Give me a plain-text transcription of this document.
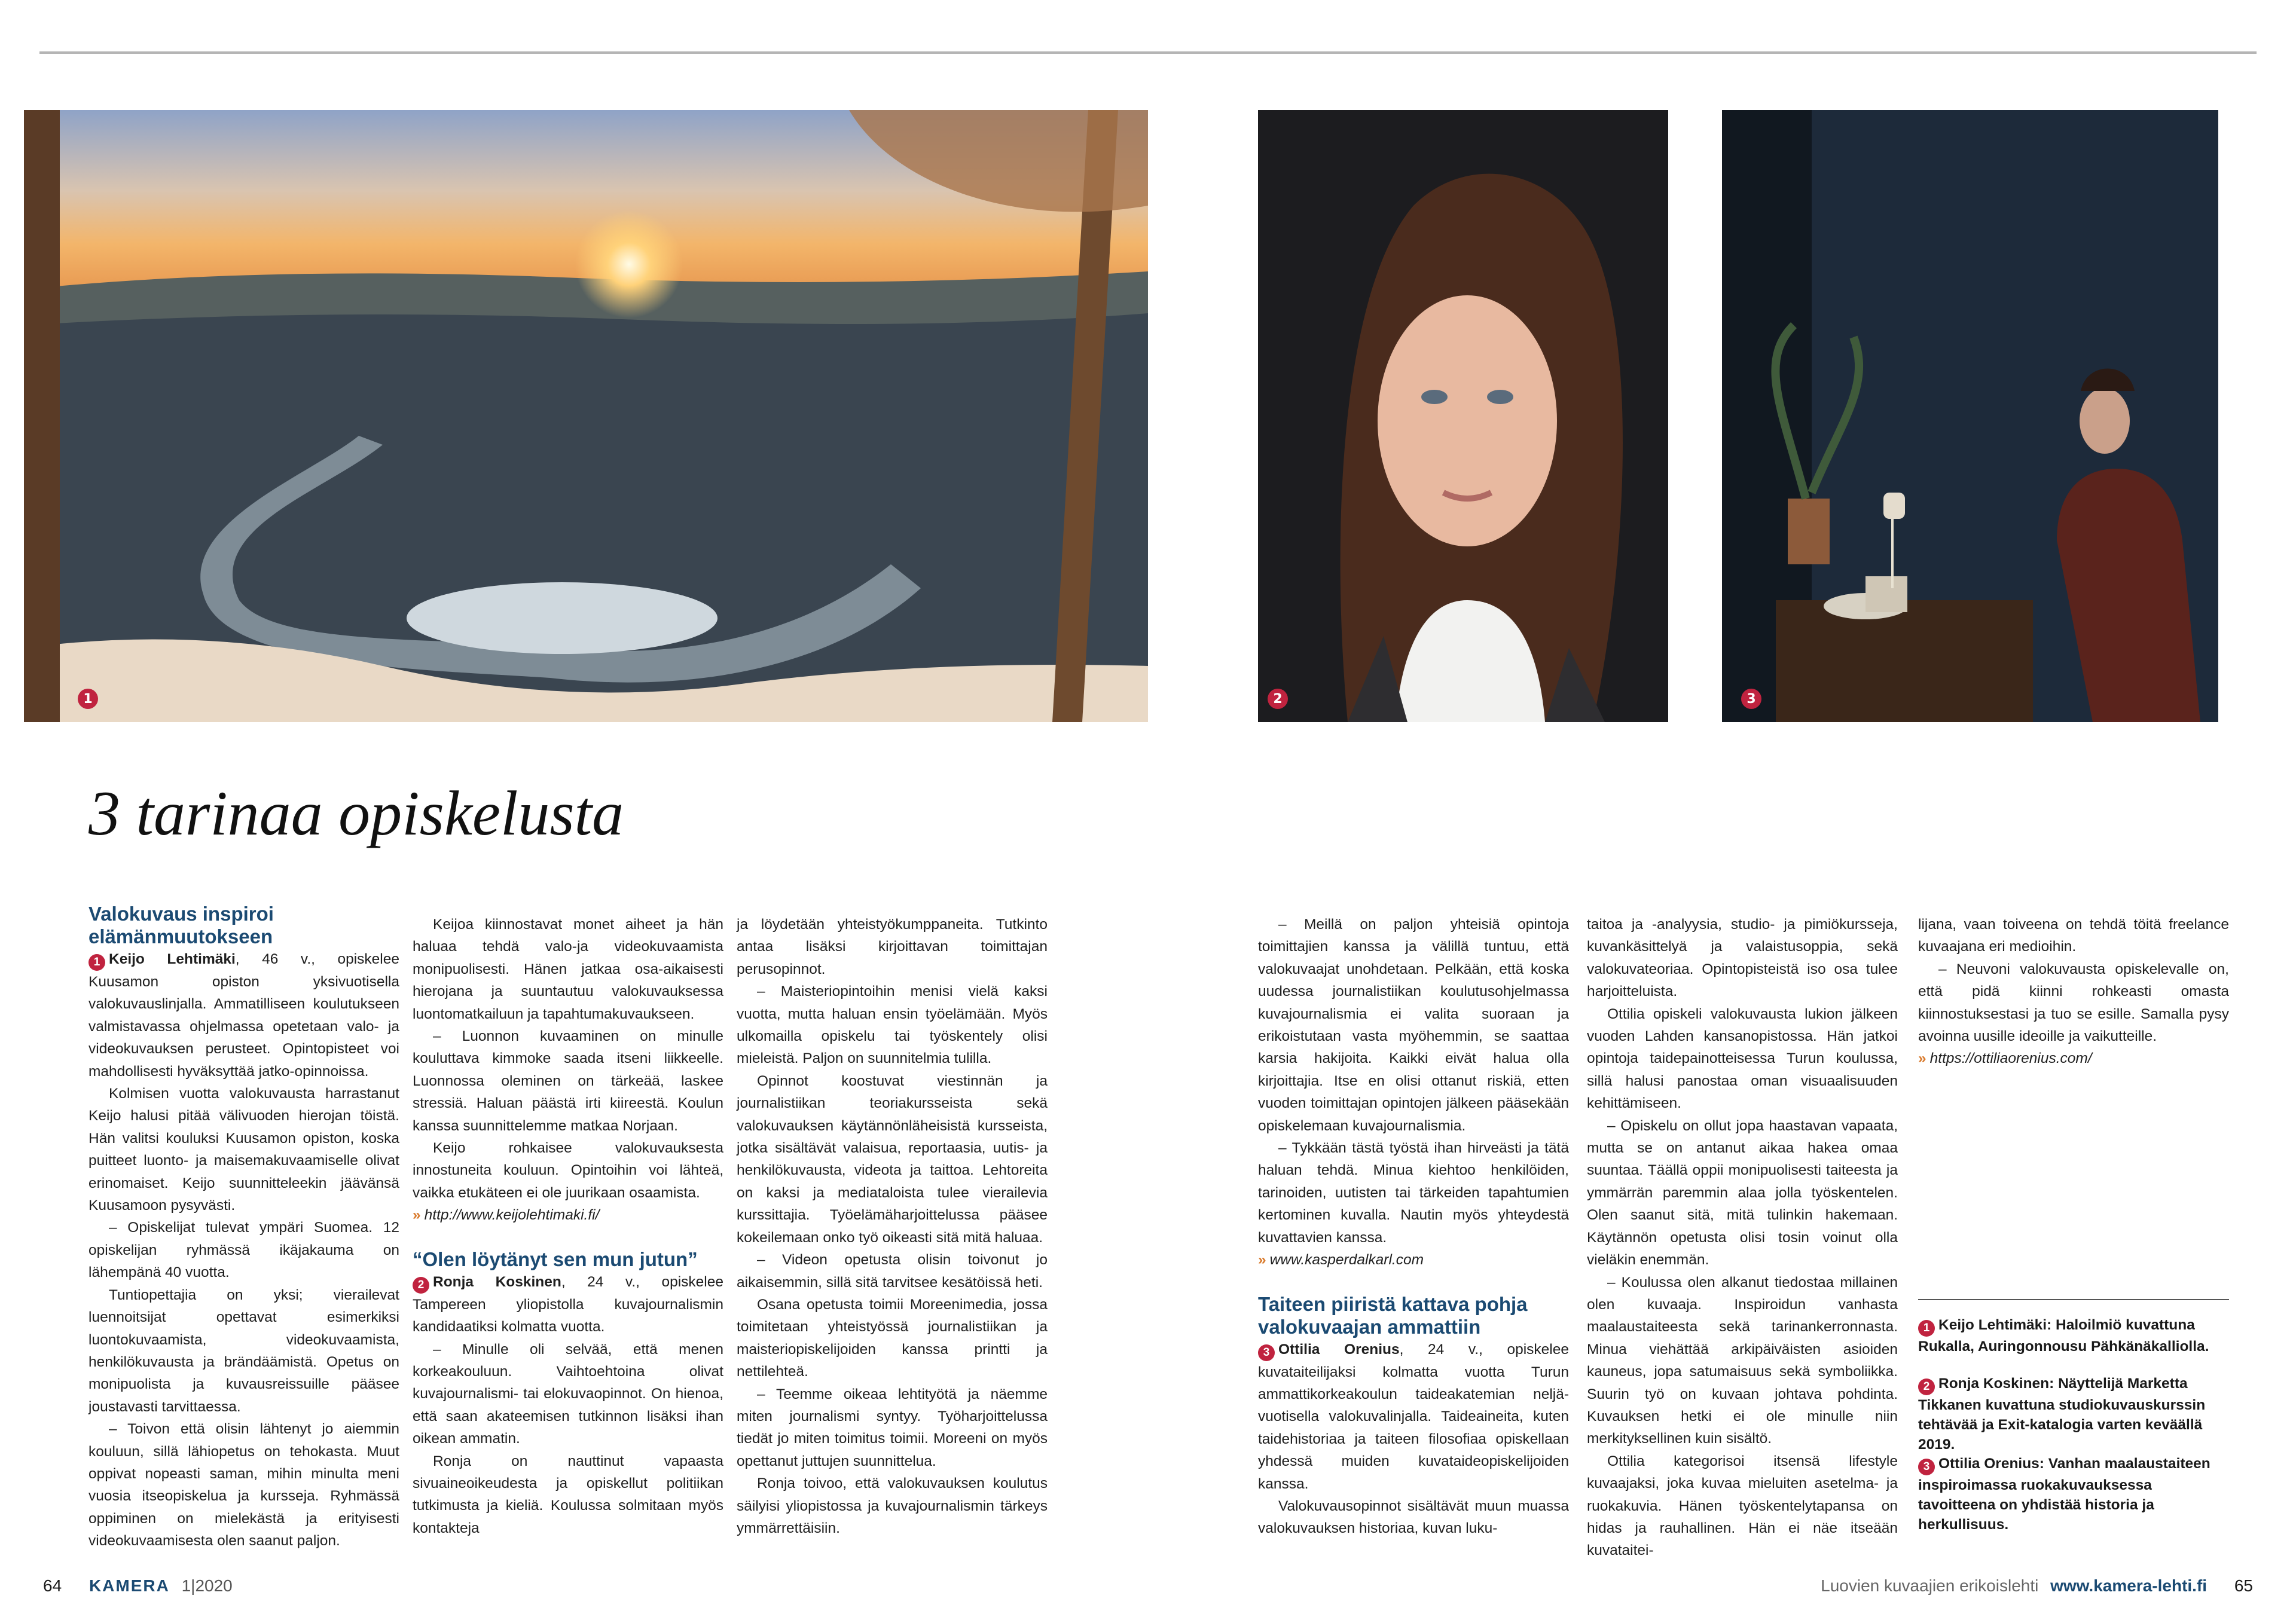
1	2	3
3 tarinaa opiskelusta
Valokuvaus inspiroi elämänmuutokseen

1 Keijo Lehtimäki, 46 v., opiskelee Kuusamon opiston yksivuotisella valokuvauslinjalla. Ammatilliseen koulutukseen valmistavassa ohjelmassa opetetaan valo- ja videokuvauksen perusteet. Opintopisteet voi mahdollisesti hyväksyttää jatko-opinnoissa.

Kolmisen vuotta valokuvausta harrastanut Keijo halusi pitää välivuoden hierojan töistä. Hän valitsi kouluksi Kuusamon opiston, koska puitteet luonto- ja maisemakuvaamiselle olivat erinomaiset. Keijo suunnitteleekin jäävänsä Kuusamoon pysyvästi.

– Opiskelijat tulevat ympäri Suomea. 12 opiskelijan ryhmässä ikäjakauma on lähempänä 40 vuotta.

Tuntiopettajia on yksi; vierailevat luennoitsijat opettavat esimerkiksi luontokuvaamista, videokuvaamista, henkilökuvausta ja brändäämistä. Opetus on monipuolista ja kuvausreissuille pääsee joustavasti tarvittaessa.

– Toivon että olisin lähtenyt jo aiemmin kouluun, sillä lähiopetus on tehokasta. Muut oppivat nopeasti saman, mihin minulta meni vuosia itseopiskelua ja kursseja. Ryhmässä oppiminen on mielekästä ja erityisesti videokuvaamisesta olen saanut paljon.

Keijoa kiinnostavat monet aiheet ja hän haluaa tehdä valo-ja videokuvaamista monipuolisesti. Hänen jatkaa osa-aikaisesti hierojana ja suuntautuu valokuvauksessa luontomatkailuun ja tapahtumakuvaukseen.

– Luonnon kuvaaminen on minulle kouluttava kimmoke saada itseni liikkeelle. Luonnossa oleminen on tärkeää, laskee stressiä. Haluan päästä irti kiireestä. Koulun kanssa suunnittelemme matkaa Norjaan.

Keijo rohkaisee valokuvauksesta innostuneita kouluun. Opintoihin voi lähteä, vaikka etukäteen ei ole juurikaan osaamista.

» http://www.keijolehtimaki.fi/

“Olen löytänyt sen mun jutun”

2 Ronja Koskinen, 24 v., opiskelee Tampereen yliopistolla kuvajournalismin kandidaatiksi kolmatta vuotta.

– Minulle oli selvää, että menen korkeakouluun. Vaihtoehtoina olivat kuvajournalismi- tai elokuvaopinnot. On hienoa, että saan akateemisen tutkinnon lisäksi ihan oikean ammatin.

Ronja on nauttinut vapaasta sivuaineoikeudesta ja opiskellut politiikan tutkimusta ja kieliä. Koulussa solmitaan myös kontakteja

ja löydetään yhteistyökumppaneita. Tutkinto antaa lisäksi kirjoittavan toimittajan perusopinnot.

– Maisteriopintoihin menisi vielä kaksi vuotta, mutta haluan ensin työelämään. Myös ulkomailla opiskelu tai työskentely olisi mieleistä. Paljon on suunnitelmia tulilla.

Opinnot koostuvat viestinnän ja journalistiikan teoriakursseista sekä valokuvauksen käytännönläheisistä kursseista, jotka sisältävät valaisua, reportaasia, uutis- ja henkilökuvausta, videota ja taittoa. Lehtoreita on kaksi ja mediataloista tulee vierailevia kurssittajia. Työelämäharjoittelussa pääsee kokeilemaan onko työ oikeasti sitä mitä haluaa.

– Videon opetusta olisin toivonut jo aikaisemmin, sillä sitä tarvitsee kesätöissä heti.

Osana opetusta toimii Moreenimedia, jossa toimitetaan yhteistyössä journalistiikan ja maisteriopiskelijoiden kanssa printti ja nettilehteä.

– Teemme oikeaa lehtityötä ja näemme miten journalismi syntyy. Työharjoittelussa tiedät jo miten toimitus toimii. Moreeni on myös opettanut juttujen suunnittelua.

Ronja toivoo, että valokuvauksen koulutus säilyisi yliopistossa ja kuvajournalismin tärkeys ymmärrettäisiin.

– Meillä on paljon yhteisiä opintoja toimittajien kanssa ja välillä tuntuu, että valokuvaajat unohdetaan. Pelkään, että koska uudessa journalistiikan koulutusohjelmassa kuvajournalismia ei valita suoraan ja erikoistutaan vasta myöhemmin, se saattaa karsia hakijoita. Kaikki eivät halua olla kirjoittajia. Itse en olisi ottanut riskiä, etten vuoden toimittajan opintojen jälkeen pääsekään opiskelemaan kuvajournalismia.

– Tykkään tästä työstä ihan hirveästi ja tätä haluan tehdä. Minua kiehtoo henkilöiden, tarinoiden, uutisten tai tärkeiden tapahtumien kertominen kuvalla. Nautin myös yhteydestä kuvattavien kanssa.

» www.kasperdalkarl.com

Taiteen piiristä kattava pohja valokuvaajan ammattiin

3 Ottilia Orenius, 24 v., opiskelee kuvataiteilijaksi kolmatta vuotta Turun ammattikorkeakoulun taideakatemian neljä-vuotisella valokuvalinjalla. Taideaineita, kuten taidehistoriaa ja taiteen filosofiaa opiskellaan yhdessä muiden kuvataideopiskelijoiden kanssa.

Valokuvausopinnot sisältävät muun muassa valokuvauksen historiaa, kuvan luku-

taitoa ja -analyysia, studio- ja pimiökursseja, kuvankäsittelyä ja valaistusoppia, sekä valokuvateoriaa. Opintopisteistä iso osa tulee harjoitteluista.

Ottilia opiskeli valokuvausta lukion jälkeen vuoden Lahden kansanopistossa. Hän jatkoi opintoja taidepainotteisessa Turun koulussa, sillä halusi panostaa oman visuaalisuuden kehittämiseen.

– Opiskelu on ollut jopa haastavan vapaata, mutta se on antanut aikaa hakea omaa suuntaa. Täällä oppii monipuolisesti taiteesta ja ymmärrän paremmin alaa jolla työskentelen. Olen saanut sitä, mitä tulinkin hakemaan. Käytännön opetusta olisi tosin voinut olla vieläkin enemmän.

– Koulussa olen alkanut tiedostaa millainen olen kuvaaja. Inspiroidun vanhasta maalaustaiteesta sekä tarinankerronnasta. Minua viehättää arkipäiväisten asioiden kauneus, jopa satumaisuus sekä symboliikka. Suurin työ on kuvaan johtava pohdinta. Kuvauksen hetki ei ole minulle niin merkityksellinen kuin sisältö.

Ottilia kategorisoi itsensä lifestyle kuvaajaksi, joka kuvaa mieluiten asetelma- ja ruokakuvia. Hänen työskentelytapansa on hidas ja rauhallinen. Hän ei näe itseään kuvataitei-

lijana, vaan toiveena on tehdä töitä freelance kuvaajana eri medioihin.

– Neuvoni valokuvausta opiskelevalle on, että pidä kiinni rohkeasti omasta kiinnostuksestasi ja tuo se esille. Samalla pysy avoinna uusille ideoille ja vaikutteille.

» https://ottiliaorenius.com/

1 Keijo Lehtimäki: Haloilmiö kuvattuna Rukalla, Auringonnousu Pähkänäkalliolla.
2 Ronja Koskinen: Näyttelijä Marketta Tikkanen kuvattuna studiokuvauskurssin tehtävää ja Exit-katalogia varten keväällä 2019.
3 Ottilia Orenius: Vanhan maalaustaiteen inspiroimassa ruokakuvauksessa tavoitteena on yhdistää historia ja herkullisuus.
64 KAMERA 1|2020	Luovien kuvaajien erikoislehti www.kamera-lehti.fi 65
